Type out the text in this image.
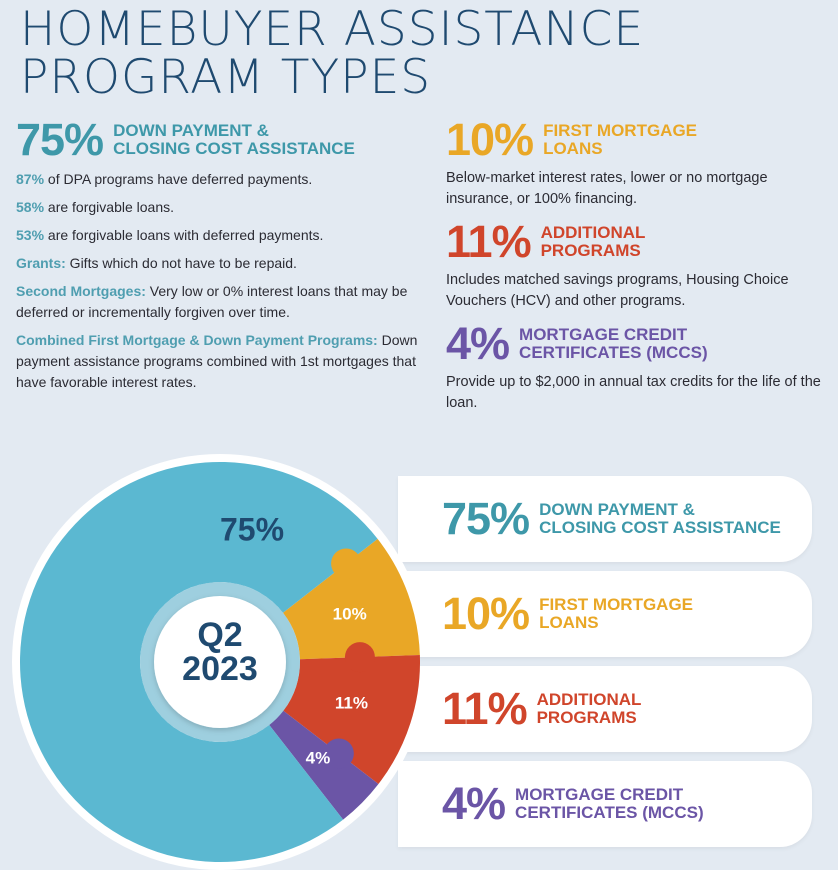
HOMEBUYER ASSISTANCE
PROGRAM TYPES
75% DOWN PAYMENT &
CLOSING COST ASSISTANCE

87% of DPA programs have deferred payments.

58% are forgivable loans.

53% are forgivable loans with deferred payments.

Grants: Gifts which do not have to be repaid.

Second Mortgages: Very low or 0% interest loans that may be deferred or incrementally forgiven over time.

Combined First Mortgage & Down Payment Programs: Down payment assistance programs combined with 1st mortgages that have favorable interest rates.

10% FIRST MORTGAGE
LOANS

Below-market interest rates, lower or no mortgage insurance, or 100% financing.

11% ADDITIONAL
PROGRAMS

Includes matched savings programs, Housing Choice Vouchers (HCV) and other programs.

4% MORTGAGE CREDIT
CERTIFICATES (MCCS)

Provide up to $2,000 in annual tax credits for the life of the loan.

75% DOWN PAYMENT &
CLOSING COST ASSISTANCE
10% FIRST MORTGAGE
LOANS
11% ADDITIONAL
PROGRAMS
4% MORTGAGE CREDIT
CERTIFICATES (MCCS)
Q2
2023
10%
11%
4%
75%
